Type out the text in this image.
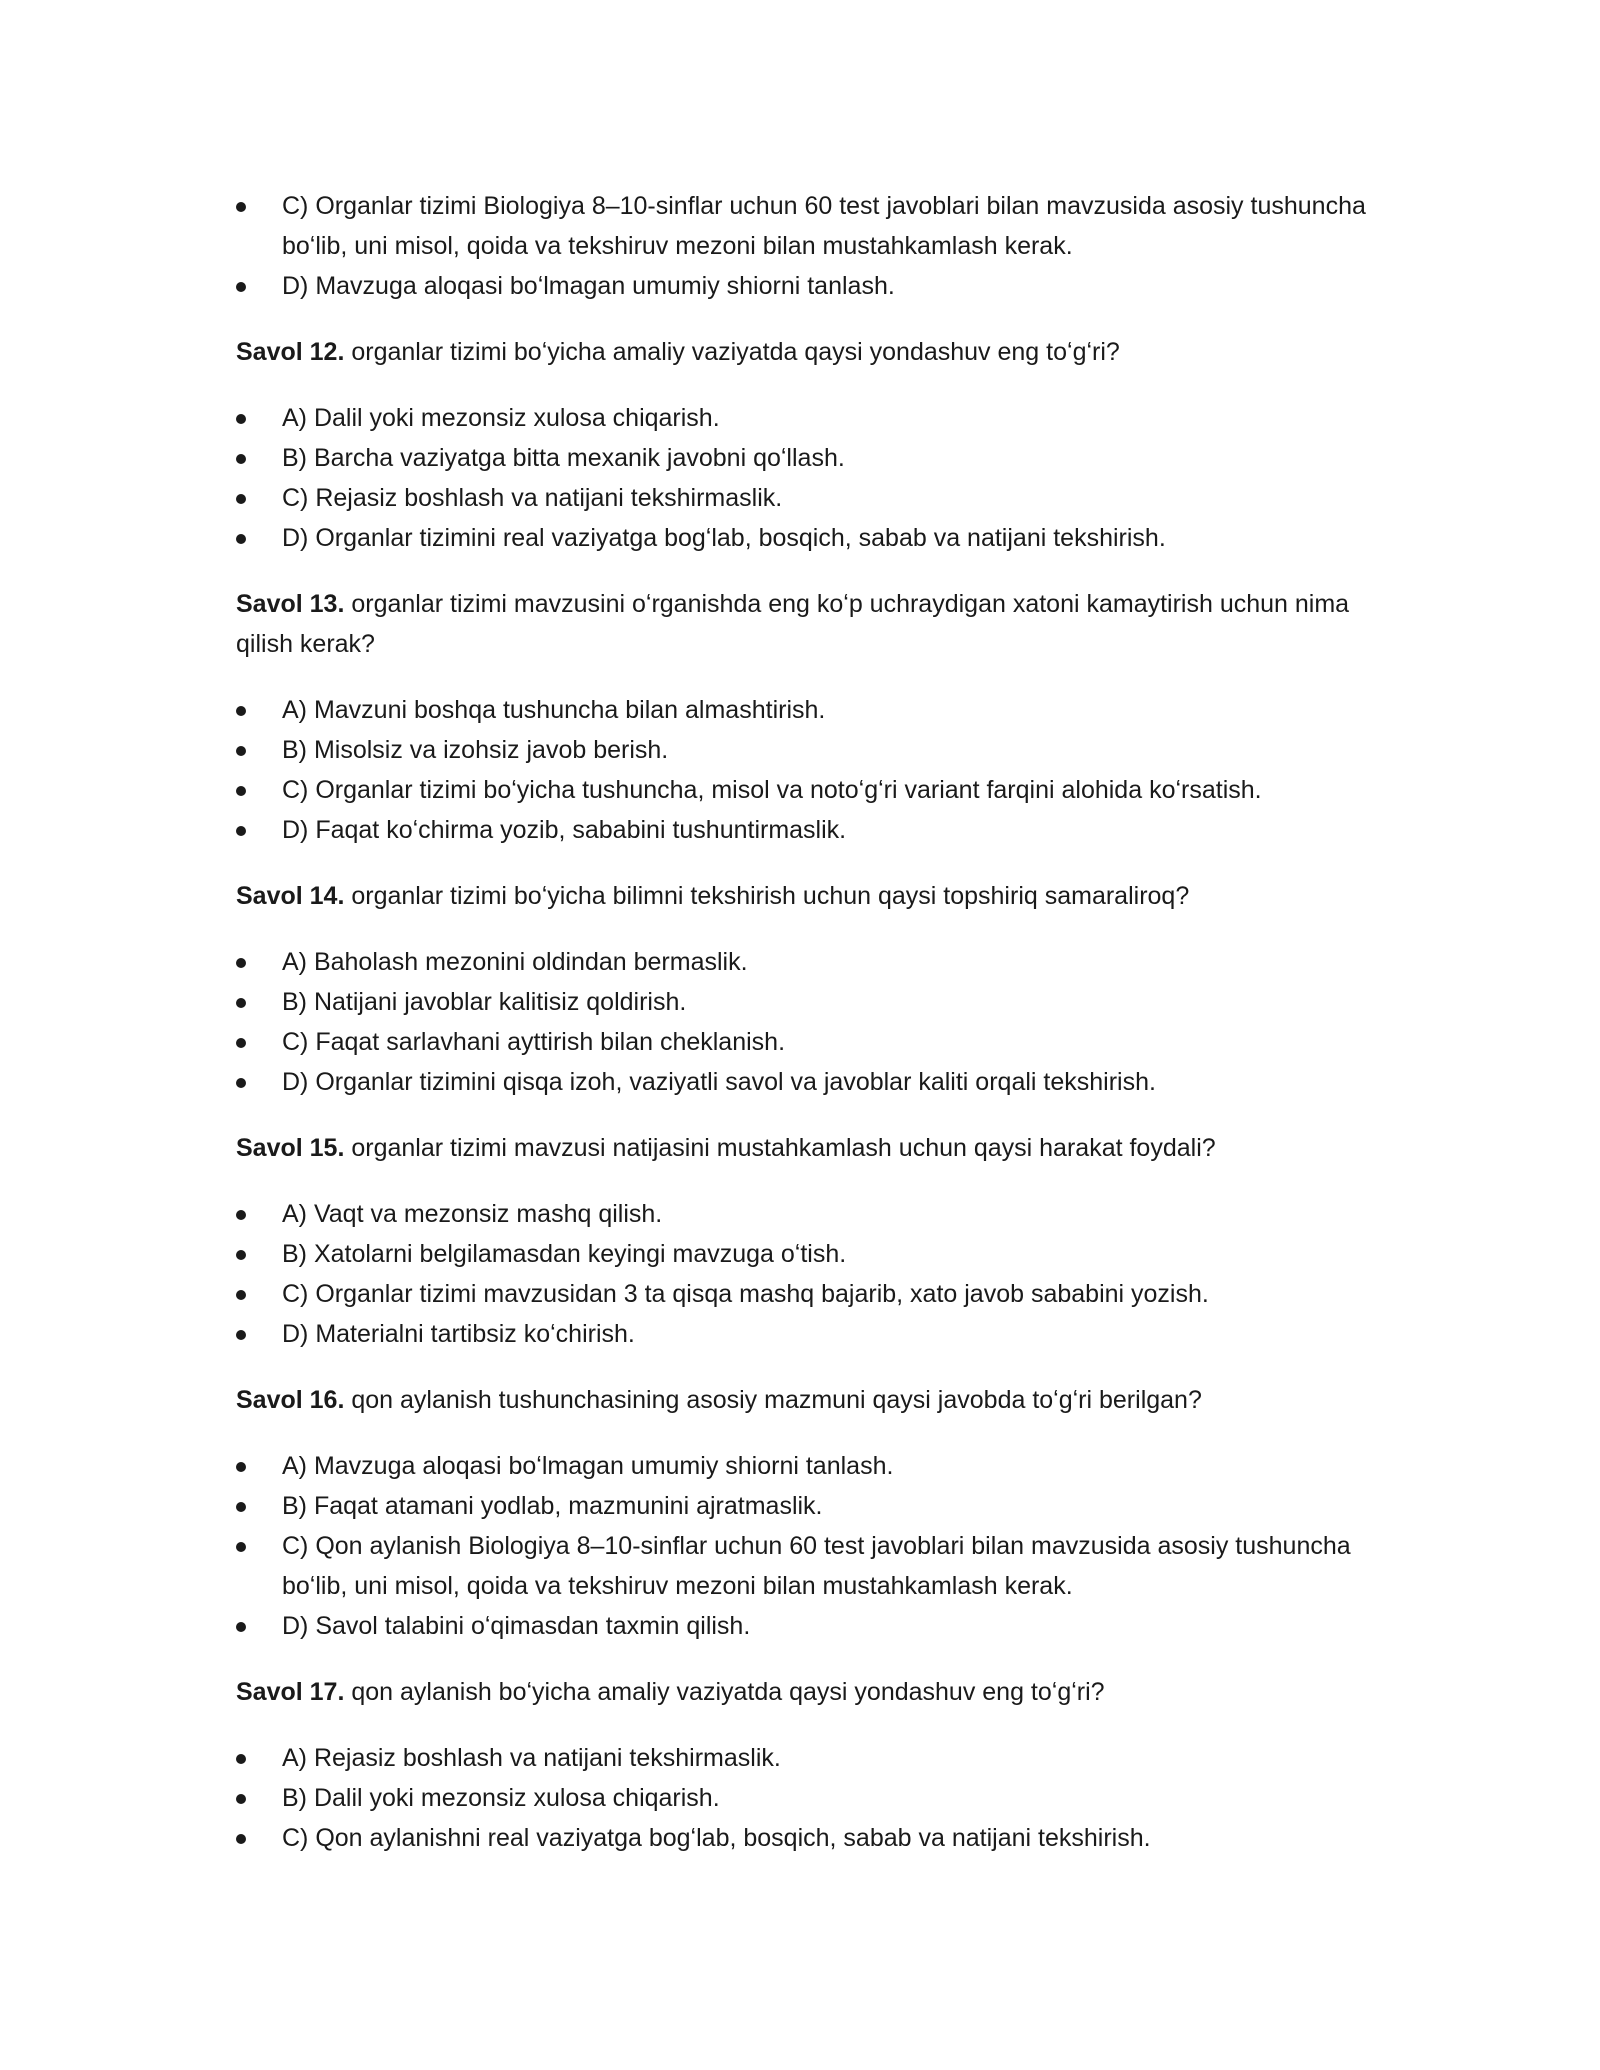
C) Organlar tizimi Biologiya 8–10-sinflar uchun 60 test javoblari bilan mavzusida asosiy tushuncha boʻlib, uni misol, qoida va tekshiruv mezoni bilan mustahkamlash kerak.
D) Mavzuga aloqasi boʻlmagan umumiy shiorni tanlash.
Savol 12. organlar tizimi boʻyicha amaliy vaziyatda qaysi yondashuv eng toʻgʻri?
A) Dalil yoki mezonsiz xulosa chiqarish.
B) Barcha vaziyatga bitta mexanik javobni qoʻllash.
C) Rejasiz boshlash va natijani tekshirmaslik.
D) Organlar tizimini real vaziyatga bogʻlab, bosqich, sabab va natijani tekshirish.
Savol 13. organlar tizimi mavzusini oʻrganishda eng koʻp uchraydigan xatoni kamaytirish uchun nima qilish kerak?
A) Mavzuni boshqa tushuncha bilan almashtirish.
B) Misolsiz va izohsiz javob berish.
C) Organlar tizimi boʻyicha tushuncha, misol va notoʻgʻri variant farqini alohida koʻrsatish.
D) Faqat koʻchirma yozib, sababini tushuntirmaslik.
Savol 14. organlar tizimi boʻyicha bilimni tekshirish uchun qaysi topshiriq samaraliroq?
A) Baholash mezonini oldindan bermaslik.
B) Natijani javoblar kalitisiz qoldirish.
C) Faqat sarlavhani ayttirish bilan cheklanish.
D) Organlar tizimini qisqa izoh, vaziyatli savol va javoblar kaliti orqali tekshirish.
Savol 15. organlar tizimi mavzusi natijasini mustahkamlash uchun qaysi harakat foydali?
A) Vaqt va mezonsiz mashq qilish.
B) Xatolarni belgilamasdan keyingi mavzuga oʻtish.
C) Organlar tizimi mavzusidan 3 ta qisqa mashq bajarib, xato javob sababini yozish.
D) Materialni tartibsiz koʻchirish.
Savol 16. qon aylanish tushunchasining asosiy mazmuni qaysi javobda toʻgʻri berilgan?
A) Mavzuga aloqasi boʻlmagan umumiy shiorni tanlash.
B) Faqat atamani yodlab, mazmunini ajratmaslik.
C) Qon aylanish Biologiya 8–10-sinflar uchun 60 test javoblari bilan mavzusida asosiy tushuncha boʻlib, uni misol, qoida va tekshiruv mezoni bilan mustahkamlash kerak.
D) Savol talabini oʻqimasdan taxmin qilish.
Savol 17. qon aylanish boʻyicha amaliy vaziyatda qaysi yondashuv eng toʻgʻri?
A) Rejasiz boshlash va natijani tekshirmaslik.
B) Dalil yoki mezonsiz xulosa chiqarish.
C) Qon aylanishni real vaziyatga bogʻlab, bosqich, sabab va natijani tekshirish.
